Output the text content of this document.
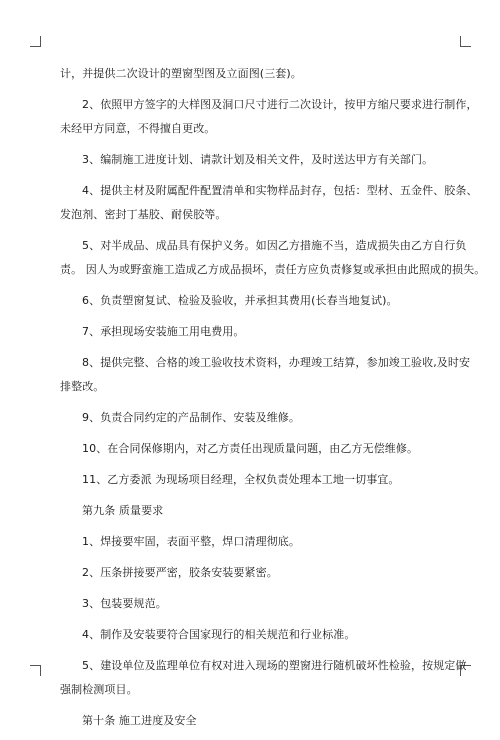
计，并提供二次设计的塑窗型图及立面图(三套)。
2、依照甲方签字的大样图及洞口尺寸进行二次设计，按甲方缩尺要求进行制作，
未经甲方同意，不得擅自更改。
3、编制施工进度计划、请款计划及相关文件，及时送达甲方有关部门。
4、提供主材及附属配件配置清单和实物样品封存，包括：型材、五金件、胶条、
发泡剂、密封丁基胶、耐侯胶等。
5、对半成品、成品具有保护义务。如因乙方措施不当，造成损失由乙方自行负
责。 因人为或野蛮施工造成乙方成品损坏，责任方应负责修复或承担由此照成的损失。
6、负责塑窗复试、检验及验收，并承担其费用(长春当地复试)。
7、承担现场安装施工用电费用。
8、提供完整、合格的竣工验收技术资料，办理竣工结算，参加竣工验收,及时安
排整改。
9、负责合同约定的产品制作、安装及维修。
10、在合同保修期内，对乙方责任出现质量问题，由乙方无偿维修。
11、乙方委派 为现场项目经理，全权负责处理本工地一切事宜。
第九条 质量要求
1、焊接要牢固，表面平整，焊口清理彻底。
2、压条拼接要严密，胶条安装要紧密。
3、包装要规范。
4、制作及安装要符合国家现行的相关规范和行业标准。
5、建设单位及监理单位有权对进入现场的塑窗进行随机破坏性检验，按规定做
强制检测项目。
第十条 施工进度及安全
